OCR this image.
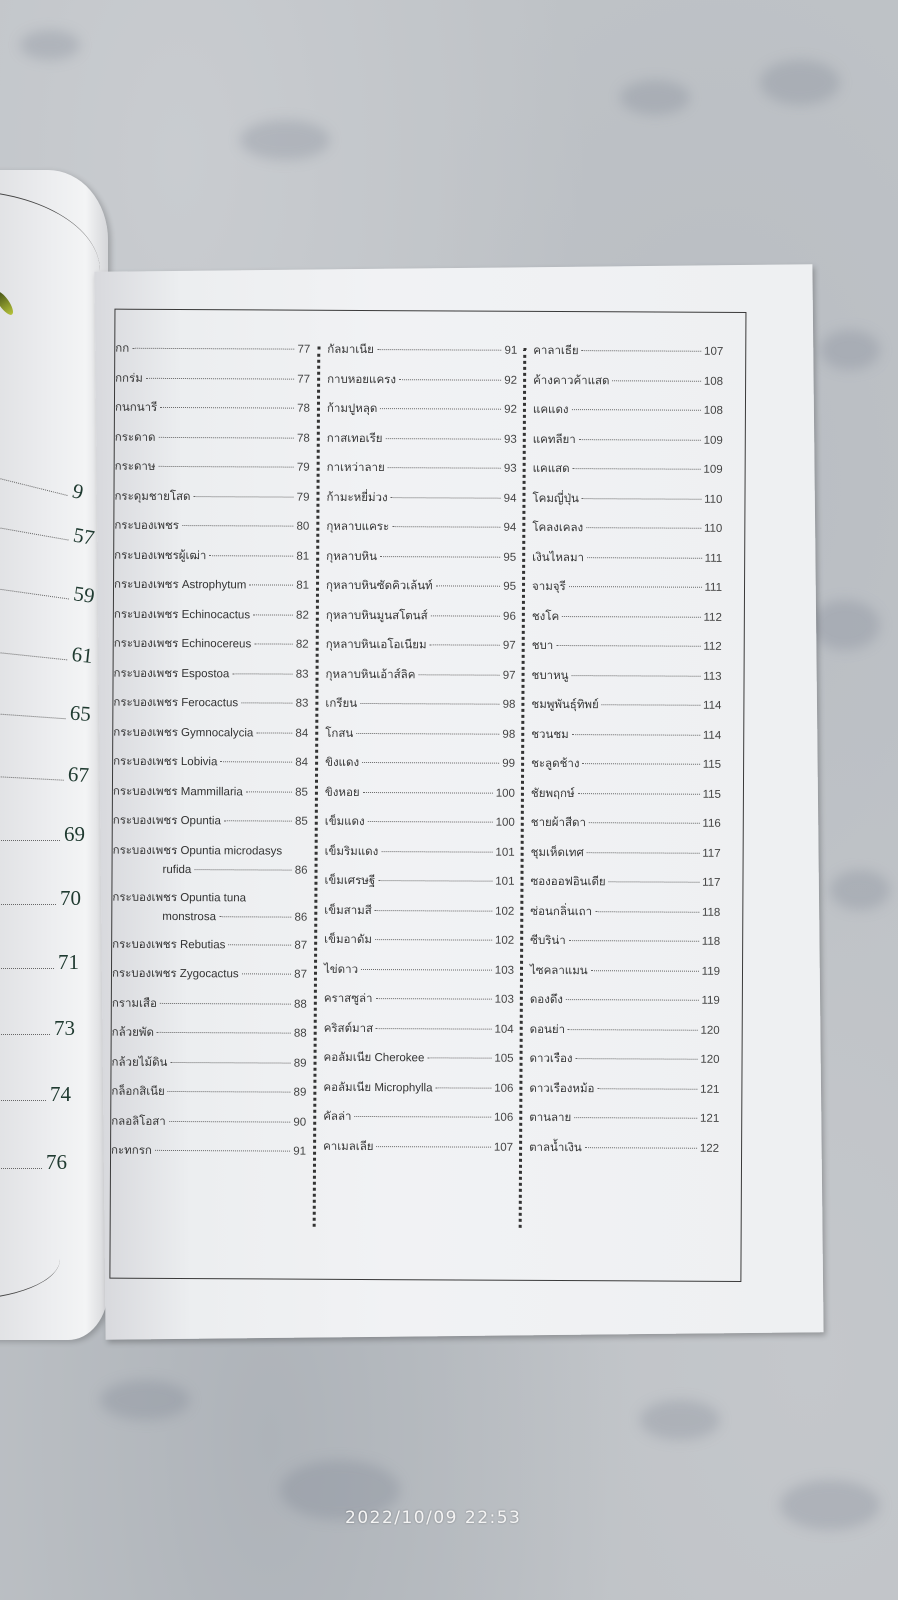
9
57
59
61
65
67
69
70
71
73
74
76
กก	77
กกร่ม	77
กนกนารี	78
กระดาด	78
กระดาษ	79
กระดุมชายโสด	79
กระบองเพชร	80
กระบองเพชรผู้เฒ่า	81
กระบองเพชร Astrophytum	81
กระบองเพชร Echinocactus	82
กระบองเพชร Echinocereus	82
กระบองเพชร Espostoa	83
กระบองเพชร Ferocactus	83
กระบองเพชร Gymnocalycia	84
กระบองเพชร Lobivia	84
กระบองเพชร Mammillaria	85
กระบองเพชร Opuntia	85
กระบองเพชร Opuntia microdasys
rufida	86
กระบองเพชร Opuntia tuna
monstrosa	86
กระบองเพชร Rebutias	87
กระบองเพชร Zygocactus	87
กรามเสือ	88
กล้วยพัด	88
กล้วยไม้ดิน	89
กล็อกสิเนีย	89
กลอลิโอสา	90
กะทกรก	91
กัลมาเนีย	91
กาบหอยแครง	92
ก้ามปูหลุด	92
กาสเทอเรีย	93
กาเหว่าลาย	93
ก้ามะหยี่ม่วง	94
กุหลาบแคระ	94
กุหลาบหิน	95
กุหลาบหินซัดคิวเล้นท์	95
กุหลาบหินมูนสโตนส์	96
กุหลาบหินเอโอเนียม	97
กุหลาบหินเอ้าส์ลิค	97
เกรียน	98
โกสน	98
ขิงแดง	99
ขิงหอย	100
เข็มแดง	100
เข็มริมแดง	101
เข็มเศรษฐี	101
เข็มสามสี	102
เข็มอาดัม	102
ไข่ดาว	103
คราสซูล่า	103
คริสต์มาส	104
คอลัมเนีย Cherokee	105
คอลัมเนีย Microphylla	106
คัลล่า	106
คาเมลเลีย	107
คาลาเธีย	107
ค้างคาวค้าแสด	108
แคแดง	108
แคทลียา	109
แคแสด	109
โคมญี่ปุ่น	110
โคลงเคลง	110
เงินไหลมา	111
จามจุรี	111
ชงโค	112
ชบา	112
ชบาหนู	113
ชมพูพันธุ์ทิพย์	114
ชวนชม	114
ชะลูดช้าง	115
ชัยพฤกษ์	115
ชายผ้าสีดา	116
ชุมเห็ดเทศ	117
ซองออฟอินเดีย	117
ซ่อนกลิ่นเถา	118
ซีบริน่า	118
ไซคลาแมน	119
ดองดึง	119
ดอนย่า	120
ดาวเรือง	120
ดาวเรืองหม้อ	121
ตานลาย	121
ตาลน้ำเงิน	122
2022/10/09 22:53
